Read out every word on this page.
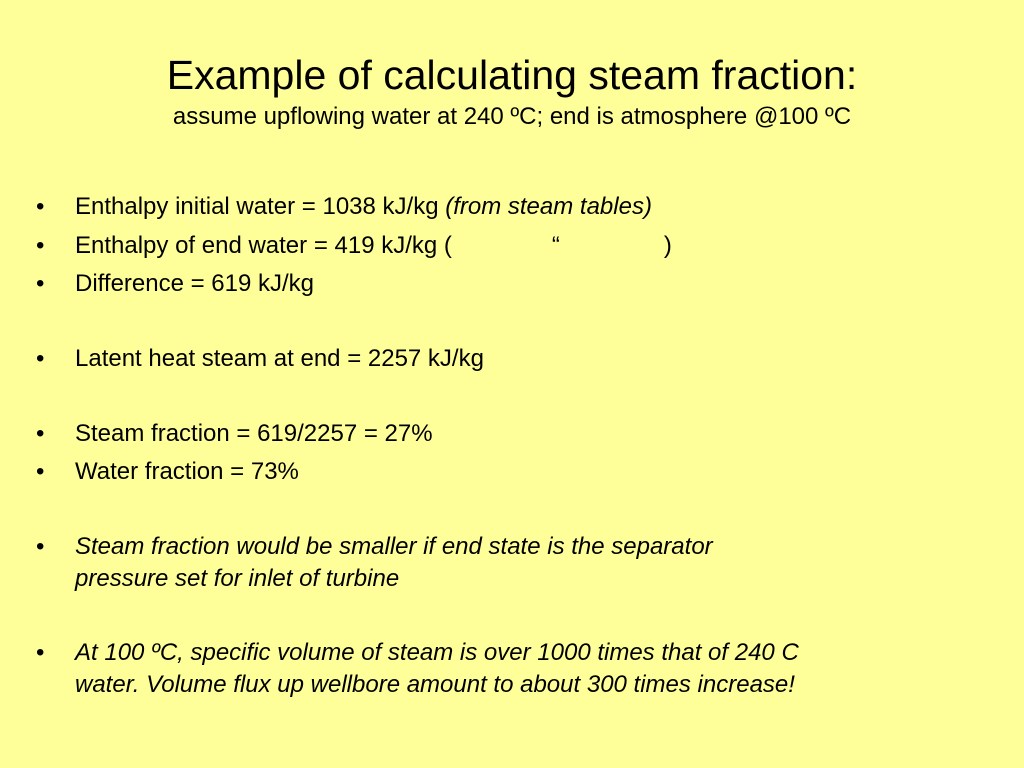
Example of calculating steam fraction:

assume upflowing water at 240 ºC; end is atmosphere @100 ºC

•	Enthalpy initial water = 1038 kJ/kg (from steam tables)
•	Enthalpy of end water = 419 kJ/kg (	“	)
•	Difference = 619 kJ/kg
•	Latent heat steam at end = 2257 kJ/kg
•	Steam fraction = 619/2257 = 27%
•	Water fraction = 73%
•	Steam fraction would be smaller if end state is the separator
pressure set for inlet of turbine
•	At 100 ºC, specific volume of steam is over 1000 times that of 240 C
water. Volume flux up wellbore amount to about 300 times increase!
